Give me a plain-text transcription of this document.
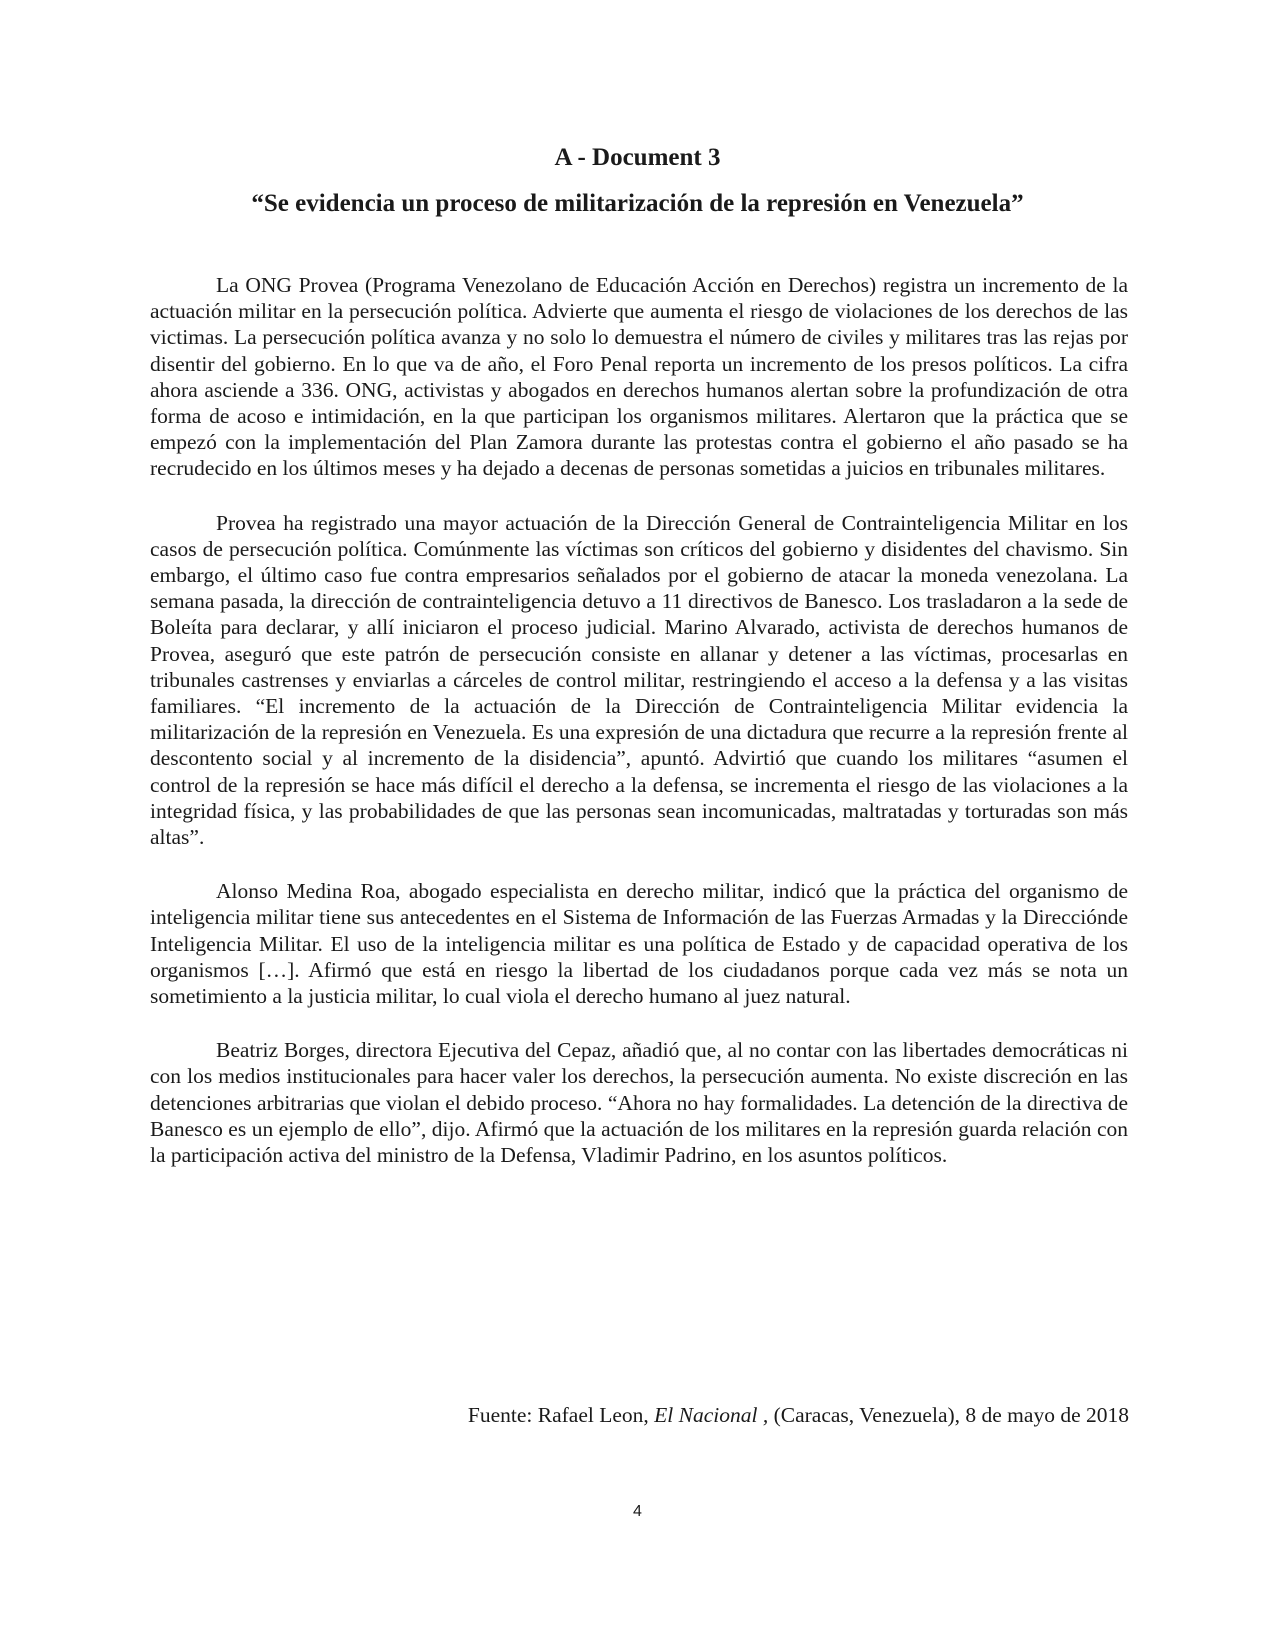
A - Document 3
“Se evidencia un proceso de militarización de la represión en Venezuela”

La ONG Provea (Programa Venezolano de Educación Acción en Derechos) registra un incremento de la actuación militar en la persecución política. Advierte que aumenta el riesgo de violaciones de los derechos de las victimas. La persecución política avanza y no solo lo demuestra el número de civiles y militares tras las rejas por disentir del gobierno. En lo que va de año, el Foro Penal reporta un incremento de los presos políticos. La cifra ahora asciende a 336. ONG, activistas y abogados en derechos humanos alertan sobre la profundización de otra forma de acoso e intimidación, en la que participan los organismos militares. Alertaron que la práctica que se empezó con la implementación del Plan Zamora durante las protestas contra el gobierno el año pasado se ha recrudecido en los últimos meses y ha dejado a decenas de personas sometidas a juicios en tribunales militares.

Provea ha registrado una mayor actuación de la Dirección General de Contrainteligencia Militar en los casos de persecución política. Comúnmente las víctimas son críticos del gobierno y disidentes del chavismo. Sin embargo, el último caso fue contra empresarios señalados por el gobierno de atacar la moneda venezolana. La semana pasada, la dirección de contrainteligencia detuvo a 11 directivos de Banesco. Los trasladaron a la sede de Boleíta para declarar, y allí iniciaron el proceso judicial. Marino Alvarado, activista de derechos humanos de Provea, aseguró que este patrón de persecución consiste en allanar y detener a las víctimas, procesarlas en tribunales castrenses y enviarlas a cárceles de control militar, restringiendo el acceso a la defensa y a las visitas familiares. “El incremento de la actuación de la Dirección de Contrainteligencia Militar evidencia la militarización de la represión en Venezuela. Es una expresión de una dictadura que recurre a la represión frente al descontento social y al incremento de la disidencia”, apuntó. Advirtió que cuando los militares “asumen el control de la represión se hace más difícil el derecho a la defensa, se incrementa el riesgo de las violaciones a la integridad física, y las probabilidades de que las personas sean incomunicadas, maltratadas y torturadas son más altas”.

Alonso Medina Roa, abogado especialista en derecho militar, indicó que la práctica del organismo de inteligencia militar tiene sus antecedentes en el Sistema de Información de las Fuerzas Armadas y la Direcciónde Inteligencia Militar. El uso de la inteligencia militar es una política de Estado y de capacidad operativa de los organismos […]. Afirmó que está en riesgo la libertad de los ciudadanos porque cada vez más se nota un sometimiento a la justicia militar, lo cual viola el derecho humano al juez natural.

Beatriz Borges, directora Ejecutiva del Cepaz, añadió que, al no contar con las libertades democráticas ni con los medios institucionales para hacer valer los derechos, la persecución aumenta. No existe discreción en las detenciones arbitrarias que violan el debido proceso. “Ahora no hay formalidades. La detención de la directiva de Banesco es un ejemplo de ello”, dijo. Afirmó que la actuación de los militares en la represión guarda relación con la participación activa del ministro de la Defensa, Vladimir Padrino, en los asuntos políticos.

Fuente: Rafael Leon, El Nacional , (Caracas, Venezuela), 8 de mayo de 2018

4
